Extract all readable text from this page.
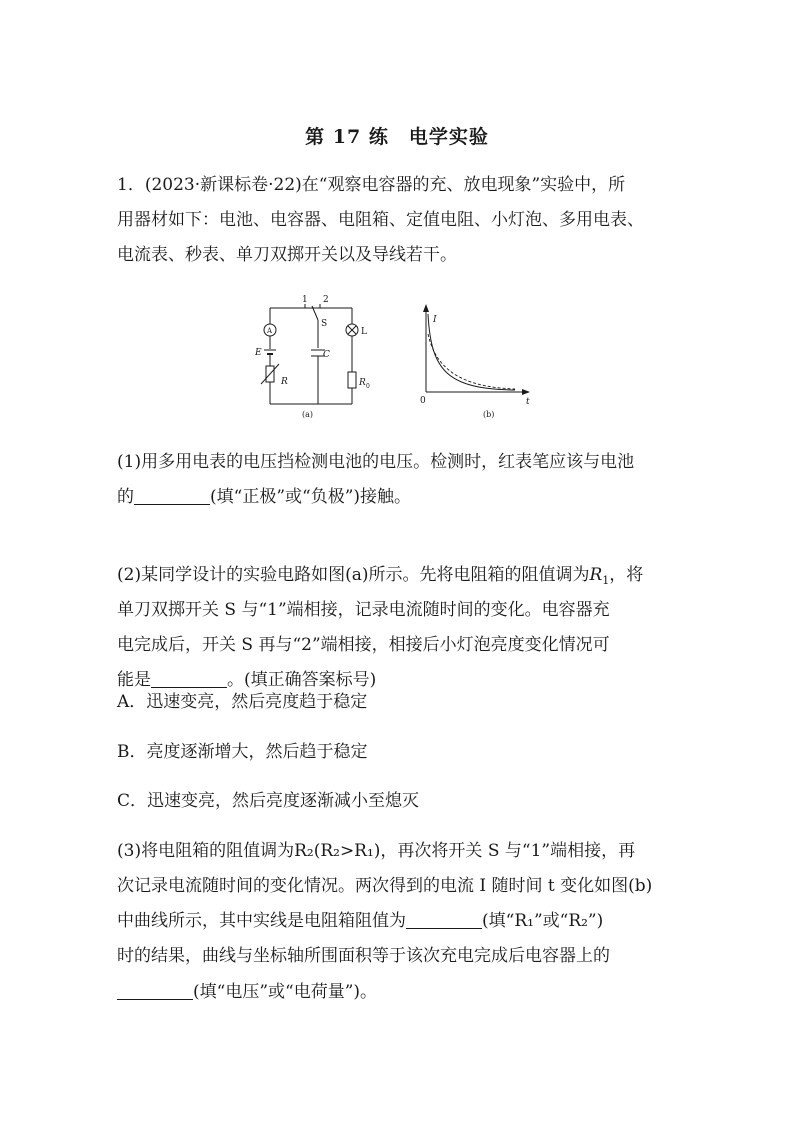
第 17 练　电学实验
1．(2023·新课标卷·22)在“观察电容器的充、放电现象”实验中，所
用器材如下：电池、电容器、电阻箱、定值电阻、小灯泡、多用电表、
电流表、秒表、单刀双掷开关以及导线若干。
1 2
S
A	L
E	C
R	R 0
(a)
I
0	t
(b)
(1)用多用电表的电压挡检测电池的电压。检测时，红表笔应该与电池
的	(填“正极”或“负极”)接触。
(2)某同学设计的实验电路如图(a)所示。先将电阻箱的阻值调为$R_1$，将
单刀双掷开关 S 与“1”端相接，记录电流随时间的变化。电容器充
电完成后，开关 S 再与“2”端相接，相接后小灯泡亮度变化情况可
能是	。(填正确答案标号)
A．迅速变亮，然后亮度趋于稳定
B．亮度逐渐增大，然后趋于稳定
C．迅速变亮，然后亮度逐渐减小至熄灭
(3)将电阻箱的阻值调为R₂(R₂>R₁)，再次将开关 S 与“1”端相接，再
次记录电流随时间的变化情况。两次得到的电流 I 随时间 t 变化如图(b)
中曲线所示，其中实线是电阻箱阻值为	(填“R₁”或“R₂”)
时的结果，曲线与坐标轴所围面积等于该次充电完成后电容器上的
(填“电压”或“电荷量”)。
